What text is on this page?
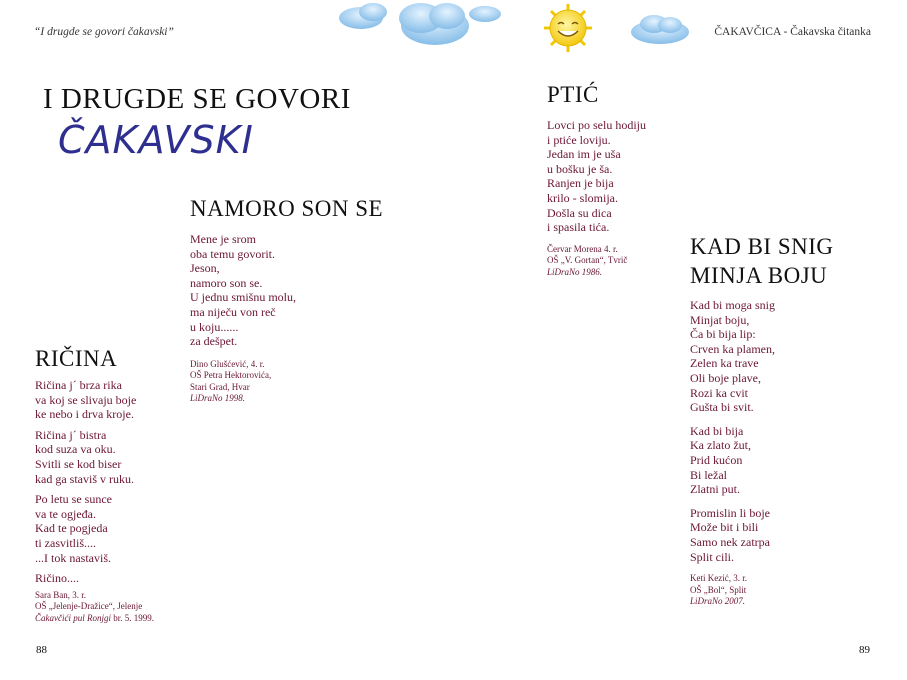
“I drugde se govori čakavski”	ČAKAVČICA - Čakavska čitanka
I DRUGDE SE GOVORI
ČAKAVSKI
NAMORO SON SE
Mene je srom
oba temu govorit.
Jeson,
namoro son se.
U jednu smišnu molu,
ma niječu von reč
u koju......
za dešpet.
Dino Glušćević, 4. r.
OŠ Petra Hektorovića,
Stari Grad, Hvar
LiDraNo 1998.
RIČINA
Ričina j´ brza rika
va koj se slivaju boje
ke nebo i drva kroje.
Ričina j´ bistra
kod suza va oku.
Svitli se kod biser
kad ga staviš v ruku.
Po letu se sunce
va te ogjeđa.
Kad te pogjeda
ti zasvitliš....
...I tok nastaviš.
Ričino....
Sara Ban, 3. r.
OŠ „Jelenje-Dražice“, Jelenje
Čakavčići pul Ronjgi br. 5. 1999.
88
PTIĆ
Lovci po selu hodiju
i ptiće loviju.
Jedan im je uša
u bošku je ša.
Ranjen je bija
krilo - slomija.
Došla su dica
i spasila tića.
Červar Morena 4. r.
OŠ „V. Gortan“, Tvrič
LiDraNo 1986.
KAD BI SNIG
MINJA BOJU
Kad bi moga snig
Minjat boju,
Ča bi bija lip:
Crven ka plamen,
Zelen ka trave
Oli boje plave,
Rozi ka cvit
Gušta bi svit.
Kad bi bija
Ka zlato žut,
Prid kućon
Bi ležal
Zlatni put.
Promislin li boje
Može bit i bili
Samo nek zatrpa
Split cili.
Keti Kezić, 3. r.
OŠ „Bol“, Split
LiDraNo 2007.
89
